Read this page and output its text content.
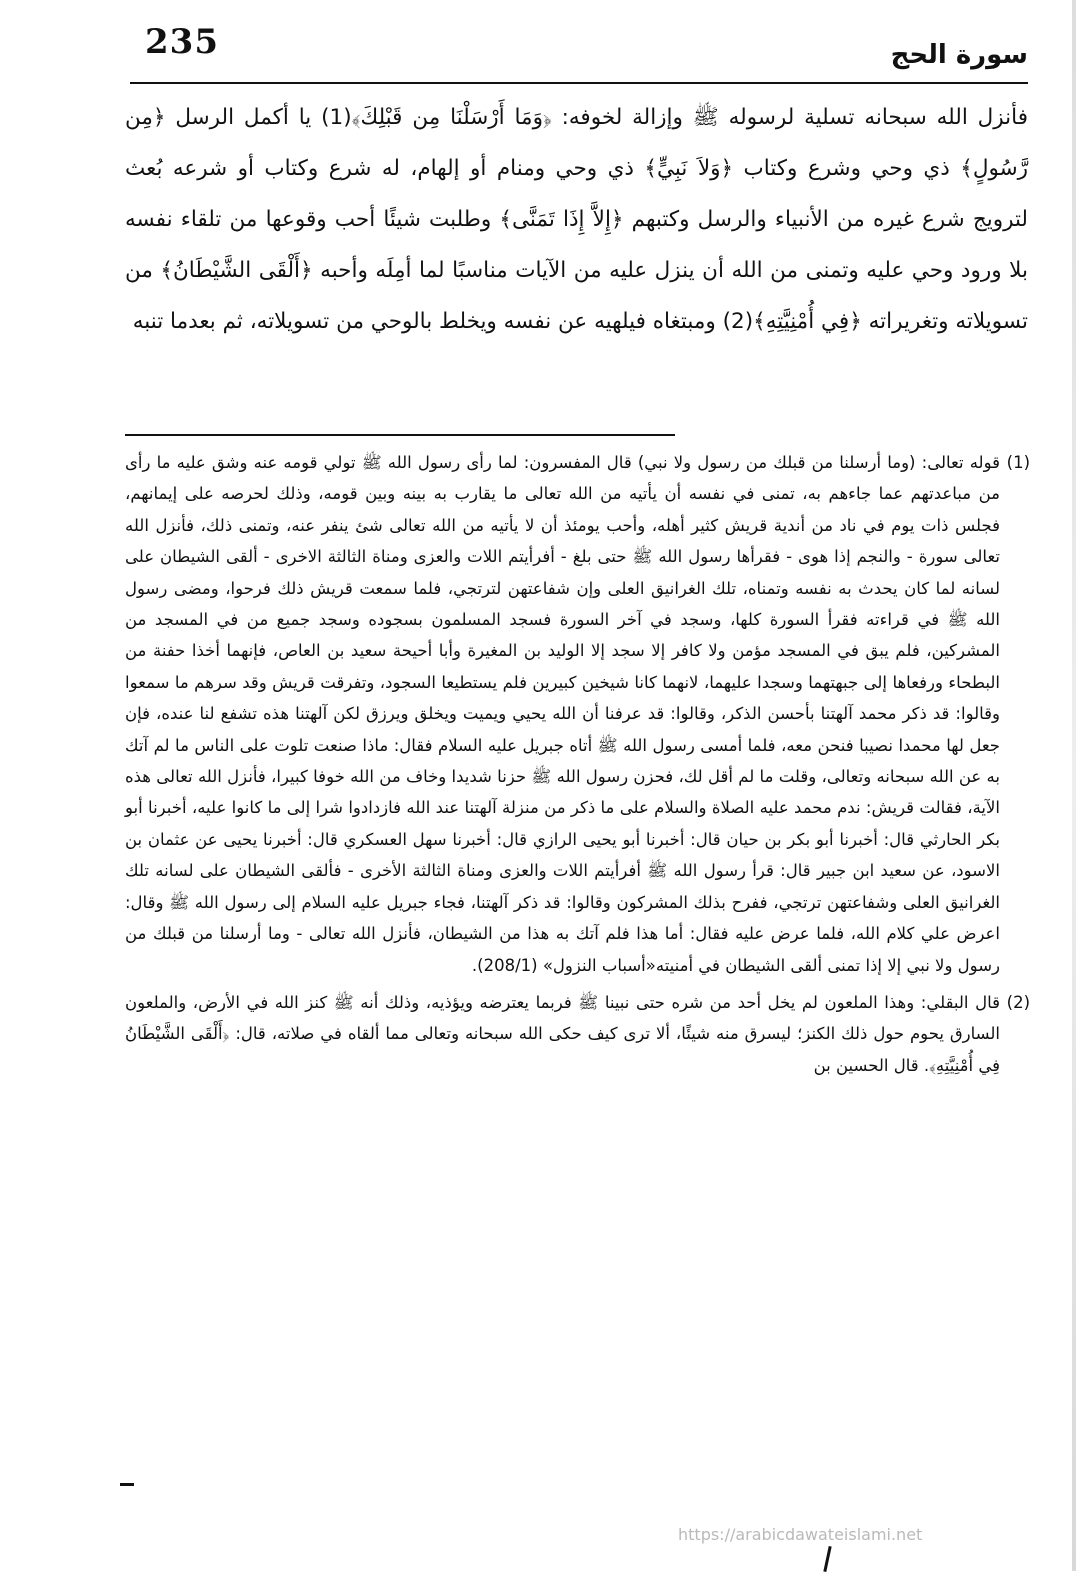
235	سورة الحج

فأنزل الله سبحانه تسلية لرسوله ﷺ وإزالة لخوفه: ﴿وَمَا أَرْسَلْنَا مِن قَبْلِكَ﴾(1) يا أكمل الرسل ﴿مِن رَّسُولٍ﴾ ذي وحي وشرع وكتاب ﴿وَلاَ نَبِيٍّ﴾ ذي وحي ومنام أو إلهام، له شرع وكتاب أو شرعه بُعث لترويج شرع غيره من الأنبياء والرسل وكتبهم ﴿إِلاَّ إِذَا تَمَنَّى﴾ وطلبت شيئًا أحب وقوعها من تلقاء نفسه بلا ورود وحي عليه وتمنى من الله أن ينزل عليه من الآيات مناسبًا لما أمِلَه وأحبه ﴿أَلْقَى الشَّيْطَانُ﴾ من تسويلاته وتغريراته ﴿فِي أُمْنِيَّتِهِ﴾(2) ومبتغاه فيلهيه عن نفسه ويخلط بالوحي من تسويلاته، ثم بعدما تنبه

(1)
قوله تعالى: (وما أرسلنا من قبلك من رسول ولا نبي) قال المفسرون: لما رأى رسول الله ﷺ تولي قومه عنه وشق عليه ما رأى من مباعدتهم عما جاءهم به، تمنى في نفسه أن يأتيه من الله تعالى ما يقارب به بينه وبين قومه، وذلك لحرصه على إيمانهم، فجلس ذات يوم في ناد من أندية قريش كثير أهله، وأحب يومئذ أن لا يأتيه من الله تعالى شئ ينفر عنه، وتمنى ذلك، فأنزل الله تعالى سورة - والنجم إذا هوى - فقرأها رسول الله ﷺ حتى بلغ - أفرأيتم اللات والعزى ومناة الثالثة الاخرى - ألقى الشيطان على لسانه لما كان يحدث به نفسه وتمناه، تلك الغرانيق العلى وإن شفاعتهن لترتجي، فلما سمعت قريش ذلك فرحوا، ومضى رسول الله ﷺ في قراءته فقرأ السورة كلها، وسجد في آخر السورة فسجد المسلمون بسجوده وسجد جميع من في المسجد من المشركين، فلم يبق في المسجد مؤمن ولا كافر إلا سجد إلا الوليد بن المغيرة وأبا أحيحة سعيد بن العاص، فإنهما أخذا حفنة من البطحاء ورفعاها إلى جبهتهما وسجدا عليهما، لانهما كانا شيخين كبيرين فلم يستطيعا السجود، وتفرقت قريش وقد سرهم ما سمعوا وقالوا: قد ذكر محمد آلهتنا بأحسن الذكر، وقالوا: قد عرفنا أن الله يحيي ويميت ويخلق ويرزق لكن آلهتنا هذه تشفع لنا عنده، فإن جعل لها محمدا نصيبا فنحن معه، فلما أمسى رسول الله ﷺ أتاه جبريل عليه السلام فقال: ماذا صنعت تلوت على الناس ما لم آتك به عن الله سبحانه وتعالى، وقلت ما لم أقل لك، فحزن رسول الله ﷺ حزنا شديدا وخاف من الله خوفا كبيرا، فأنزل الله تعالى هذه الآية، فقالت قريش: ندم محمد عليه الصلاة والسلام على ما ذكر من منزلة آلهتنا عند الله فازدادوا شرا إلى ما كانوا عليه، أخبرنا أبو بكر الحارثي قال: أخبرنا أبو بكر بن حيان قال: أخبرنا أبو يحيى الرازي قال: أخبرنا سهل العسكري قال: أخبرنا يحيى عن عثمان بن الاسود، عن سعيد ابن جبير قال: قرأ رسول الله ﷺ أفرأيتم اللات والعزى ومناة الثالثة الأخرى - فألقى الشيطان على لسانه تلك الغرانيق العلى وشفاعتهن ترتجي، ففرح بذلك المشركون وقالوا: قد ذكر آلهتنا، فجاء جبريل عليه السلام إلى رسول الله ﷺ وقال: اعرض علي كلام الله، فلما عرض عليه فقال: أما هذا فلم آتك به هذا من الشيطان، فأنزل الله تعالى - وما أرسلنا من قبلك من رسول ولا نبي إلا إذا تمنى ألقى الشيطان في أمنيته«أسباب النزول» (208/1).

(2)
قال البقلي: وهذا الملعون لم يخل أحد من شره حتى نبينا ﷺ فربما يعترضه ويؤذيه، وذلك أنه ﷺ كنز الله في الأرض، والملعون السارق يحوم حول ذلك الكنز؛ ليسرق منه شيئًا، ألا ترى كيف حكى الله سبحانه وتعالى مما ألقاه في صلاته، قال: ﴿أَلْقَى الشَّيْطَانُ فِي أُمْنِيَّتِهِ﴾. قال الحسين بن

https://arabicdawateislami.net
